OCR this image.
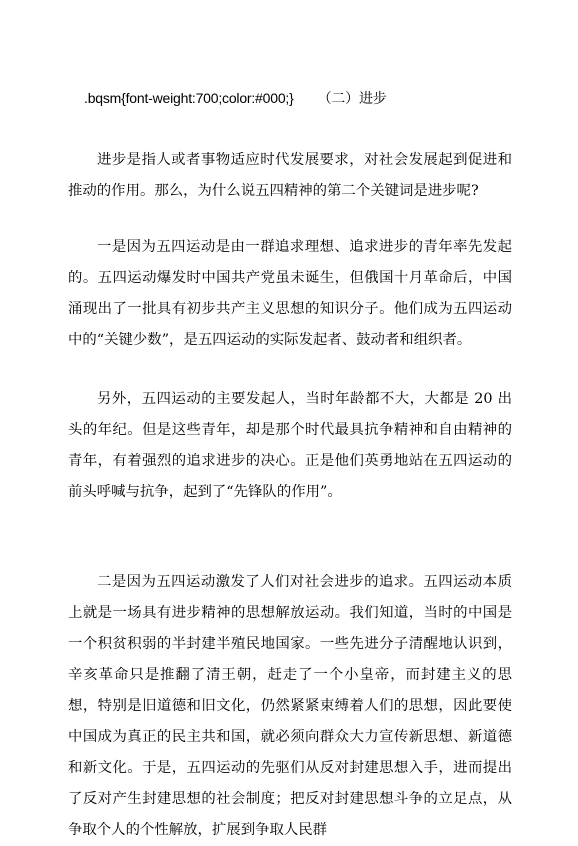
.bqsm{font-weight:700;color:#000;} （二）进步

进步是指人或者事物适应时代发展要求，对社会发展起到促进和推动的作用。那么，为什么说五四精神的第二个关键词是进步呢?

一是因为五四运动是由一群追求理想、追求进步的青年率先发起的。五四运动爆发时中国共产党虽未诞生，但俄国十月革命后，中国涌现出了一批具有初步共产主义思想的知识分子。他们成为五四运动中的“关键少数”，是五四运动的实际发起者、鼓动者和组织者。

另外，五四运动的主要发起人，当时年龄都不大，大都是 20 出头的年纪。但是这些青年，却是那个时代最具抗争精神和自由精神的青年，有着强烈的追求进步的决心。正是他们英勇地站在五四运动的前头呼喊与抗争，起到了“先锋队的作用”。

二是因为五四运动激发了人们对社会进步的追求。五四运动本质上就是一场具有进步精神的思想解放运动。我们知道，当时的中国是一个积贫积弱的半封建半殖民地国家。一些先进分子清醒地认识到，辛亥革命只是推翻了清王朝，赶走了一个小皇帝，而封建主义的思想，特别是旧道德和旧文化，仍然紧紧束缚着人们的思想，因此要使中国成为真正的民主共和国，就必须向群众大力宣传新思想、新道德和新文化。于是，五四运动的先驱们从反对封建思想入手，进而提出了反对产生封建思想的社会制度；把反对封建思想斗争的立足点，从争取个人的个性解放，扩展到争取人民群
